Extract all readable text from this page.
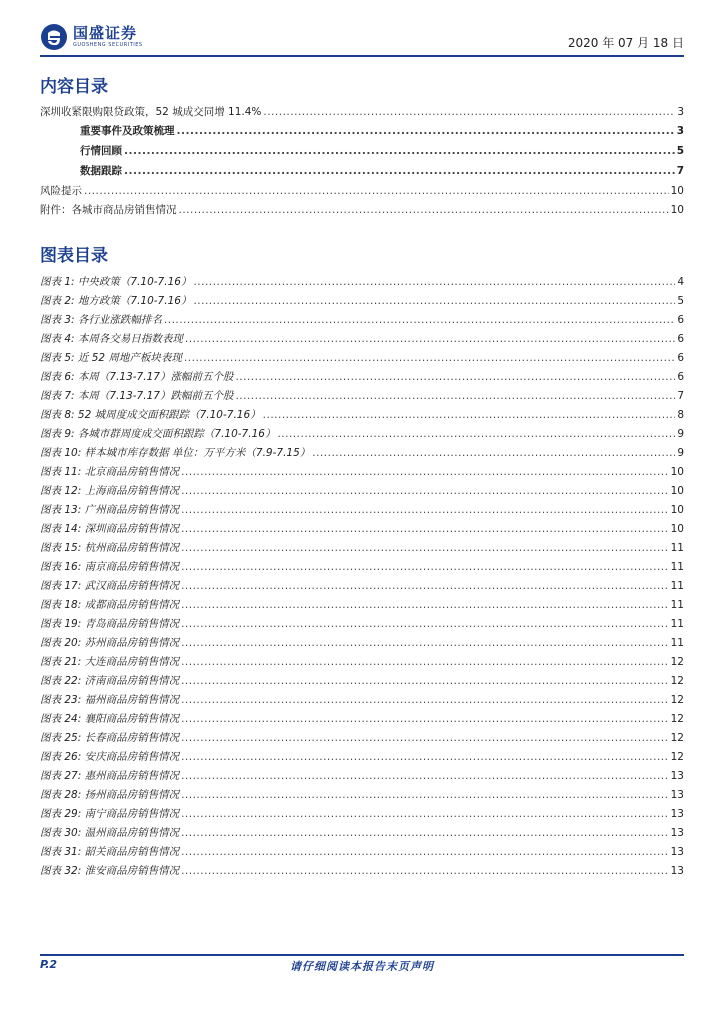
国盛证券
GUOSHENG SECURITIES	2020 年 07 月 18 日
内容目录
深圳收紧限购限贷政策，52 城成交同增 11.4% .....	3
重要事件及政策梳理 .....	3
行情回顾 .....	5
数据跟踪 .....	7
风险提示 .....	10
附件：各城市商品房销售情况 .....	10
图表目录
图表 1: 中央政策（7.10-7.16） .....	4
图表 2: 地方政策（7.10-7.16） .....	5
图表 3: 各行业涨跌幅排名 .....	6
图表 4: 本周各交易日指数表现 .....	6
图表 5: 近 52 周地产板块表现 .....	6
图表 6: 本周（7.13-7.17）涨幅前五个股 .....	6
图表 7: 本周（7.13-7.17）跌幅前五个股 .....	7
图表 8: 52 城周度成交面积跟踪（7.10-7.16） .....	8
图表 9: 各城市群周度成交面积跟踪（7.10-7.16） .....	9
图表 10: 样本城市库存数据 单位：万平方米（7.9-7.15） .....	9
图表 11: 北京商品房销售情况 .....	10
图表 12: 上海商品房销售情况 .....	10
图表 13: 广州商品房销售情况 .....	10
图表 14: 深圳商品房销售情况 .....	10
图表 15: 杭州商品房销售情况 .....	11
图表 16: 南京商品房销售情况 .....	11
图表 17: 武汉商品房销售情况 .....	11
图表 18: 成都商品房销售情况 .....	11
图表 19: 青岛商品房销售情况 .....	11
图表 20: 苏州商品房销售情况 .....	11
图表 21: 大连商品房销售情况 .....	12
图表 22: 济南商品房销售情况 .....	12
图表 23: 福州商品房销售情况 .....	12
图表 24: 襄阳商品房销售情况 .....	12
图表 25: 长春商品房销售情况 .....	12
图表 26: 安庆商品房销售情况 .....	12
图表 27: 惠州商品房销售情况 .....	13
图表 28: 扬州商品房销售情况 .....	13
图表 29: 南宁商品房销售情况 .....	13
图表 30: 温州商品房销售情况 .....	13
图表 31: 韶关商品房销售情况 .....	13
图表 32: 淮安商品房销售情况 .....	13
P.2	请仔细阅读本报告末页声明
